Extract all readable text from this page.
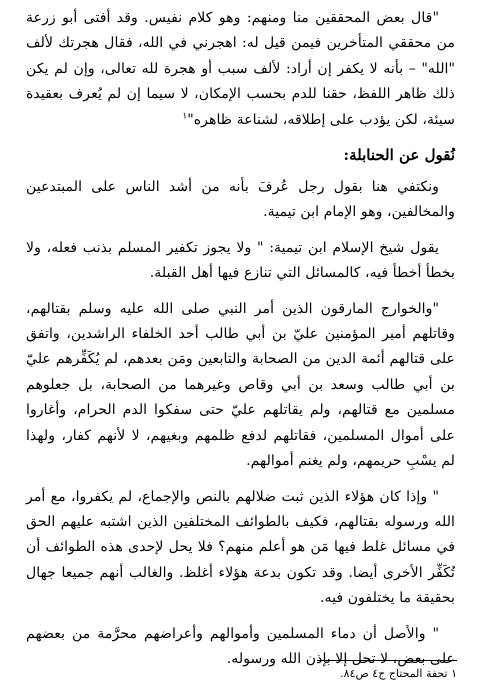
"قال بعض المحققين منا ومنهم: وهو كلام نفيس. وقد أفتى أبو زرعة من محققي المتأخرين فيمن قيل له: اهجرني في الله، فقال هجرتك لألف "الله" – بأنه لا يكفر إن أراد: لألف سبب أو هجرة لله تعالى، وإن لم يكن ذلك ظاهر اللفظ، حقنا للدم بحسب الإمكان، لا سيما إن لم يُعرف بعقيدة سيئة، لكن يؤدب على إطلاقه، لشناعة ظاهره"$^١$

نُقول عن الحنابلة:

ونكتفي هنا بقول رجل عُرفَ بأنه من أشد الناس على المبتدعين والمخالفين، وهو الإمام ابن تيمية.

يقول شيخ الإسلام ابن تيمية: " ولا يجوز تكفير المسلم بذنب فعله، ولا بخطأ أخطأ فيه، كالمسائل التي تنازع فيها أهل القبلة.

"والخوارج المارقون الذين أمر النبي صلى الله عليه وسلم بقتالهم، وقاتلهم أمير المؤمنين عليّ بن أبي طالب أحد الخلفاء الراشدين، واتفق على قتالهم أئمة الدين من الصحابة والتابعين ومَن بعدهم، لم يُكَفِّرهم عليّ بن أبي طالب وسعد بن أبي وقاص وغيرهما من الصحابة، بل جعلوهم مسلمين مع قتالهم، ولم يقاتلهم عليّ حتى سفكوا الدم الحرام، وأغاروا على أموال المسلمين، فقاتلهم لدفع ظلمهم وبغيهم، لا لأنهم كفار، ولهذا لم يسْبِ حريمهم، ولم يغنم أموالهم.

" وإذا كان هؤلاء الذين ثبت ضلالهم بالنص والإجماع، لم يكفروا، مع أمر الله ورسوله بقتالهم، فكيف بالطوائف المختلفين الذين اشتبه عليهم الحق في مسائل غلط فيها مَن هو أعلم منهم؟ فلا يحل لإحدى هذه الطوائف أن تُكَفِّر الأخرى أيضا. وقد تكون بدعة هؤلاء أغلظ. والغالب أنهم جميعا جهال بحقيقة ما يختلفون فيه.

" والأصل أن دماء المسلمين وأموالهم وأعراضهم محرَّمة من بعضهم على بعض، لا تحل إلا بإذن الله ورسوله.

١ تحفة المحتاج ج٤ ص٨٤.
